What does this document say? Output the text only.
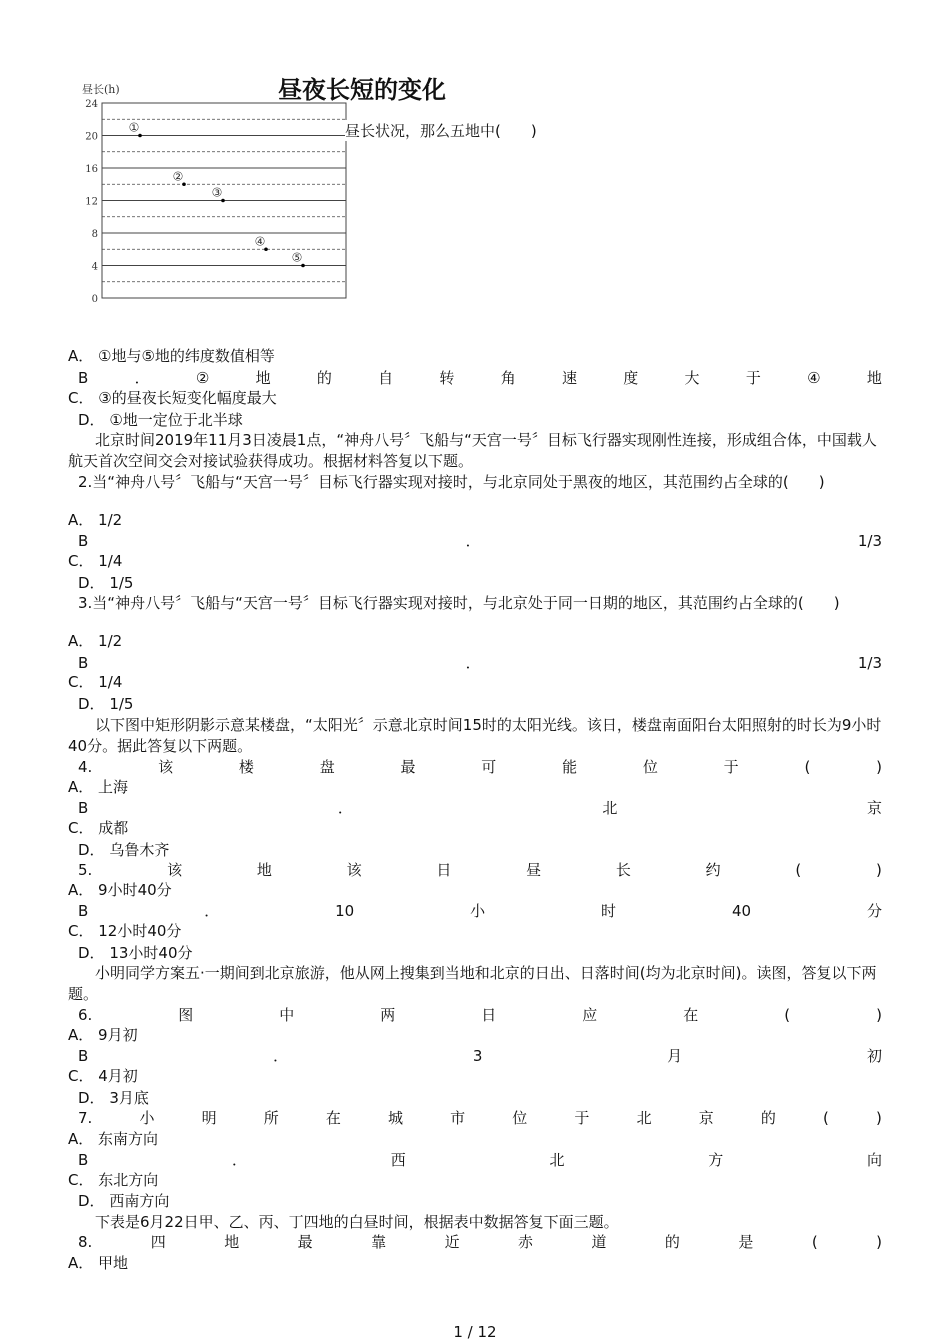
昼长(h)
24
20
16
12
8
4
0
①
②
③
④
⑤
昼夜长短的变化
昼长状况，那么五地中(　　)
A． ①地与⑤地的纬度数值相等
B	．	②	地	的	自	转	角	速	度	大	于	④	地
C． ③的昼夜长短变化幅度最大
D． ①地一定位于北半球
北京时间2019年11月3日凌晨1点，“神舟八号〞飞船与“天宫一号〞目标飞行器实现刚性连接，形成组合体，中国载人航天首次空间交会对接试验获得成功。根据材料答复以下题。
2.当“神舟八号〞飞船与“天宫一号〞目标飞行器实现对接时，与北京同处于黑夜的地区，其范围约占全球的(　　)
A． 1/2
B	．	1/3
C． 1/4
D． 1/5
3.当“神舟八号〞飞船与“天宫一号〞目标飞行器实现对接时，与北京处于同一日期的地区，其范围约占全球的(　　)
A． 1/2
B	．	1/3
C． 1/4
D． 1/5
以下图中矩形阴影示意某楼盘，“太阳光〞示意北京时间15时的太阳光线。该日，楼盘南面阳台太阳照射的时长为9小时40分。据此答复以下两题。
4.	该	楼	盘	最	可	能	位	于	(	)
A． 上海
B	．	北	京
C． 成都
D． 乌鲁木齐
5.	该	地	该	日	昼	长	约	(	)
A． 9小时40分
B	．	10	小	时	40	分
C． 12小时40分
D． 13小时40分
小明同学方案五·一期间到北京旅游，他从网上搜集到当地和北京的日出、日落时间(均为北京时间)。读图，答复以下两题。
6.	图	中	两	日	应	在	(	)
A． 9月初
B	．	3	月	初
C． 4月初
D． 3月底
7.	小	明	所	在	城	市	位	于	北	京	的	(	)
A． 东南方向
B	．	西	北	方	向
C． 东北方向
D． 西南方向
下表是6月22日甲、乙、丙、丁四地的白昼时间，根据表中数据答复下面三题。
8.	四	地	最	靠	近	赤	道	的	是	(	)
A． 甲地
1 / 12
